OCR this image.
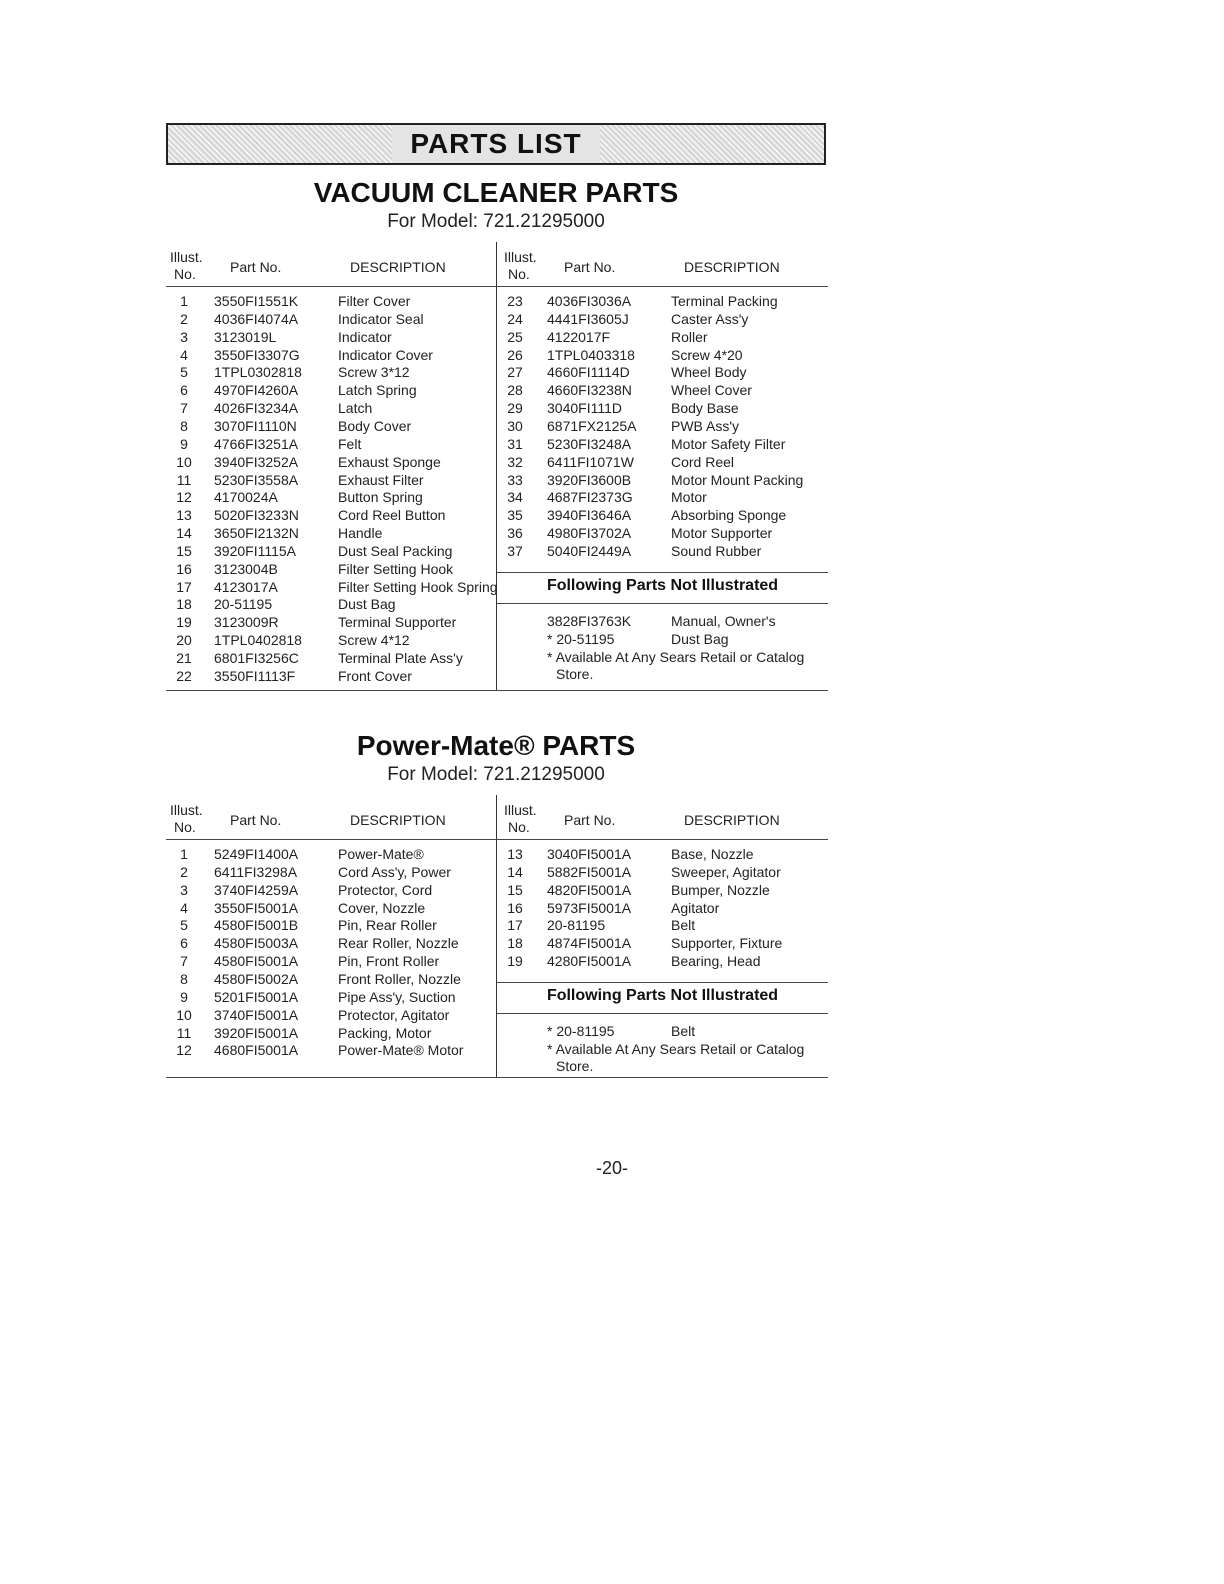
PARTS LIST
VACUUM CLEANER PARTS
For Model: 721.21295000
Illust.
No. Part No.	DESCRIPTION
Illust.
No. Part No.	DESCRIPTION
1	3550FI1551K	Filter Cover
2	4036FI4074A	Indicator Seal
3	3123019L	Indicator
4	3550FI3307G	Indicator Cover
5	1TPL0302818	Screw 3*12
6	4970FI4260A	Latch Spring
7	4026FI3234A	Latch
8	3070FI1110N	Body Cover
9	4766FI3251A	Felt
10	3940FI3252A	Exhaust Sponge
11	5230FI3558A	Exhaust Filter
12	4170024A	Button Spring
13	5020FI3233N	Cord Reel Button
14	3650FI2132N	Handle
15	3920FI1115A	Dust Seal Packing
16	3123004B	Filter Setting Hook
17	4123017A	Filter Setting Hook Spring
18	20-51195	Dust Bag
19	3123009R	Terminal Supporter
20	1TPL0402818	Screw 4*12
21	6801FI3256C	Terminal Plate Ass'y
22	3550FI1113F	Front Cover
23	4036FI3036A	Terminal Packing
24	4441FI3605J	Caster Ass'y
25	4122017F	Roller
26	1TPL0403318	Screw 4*20
27	4660FI1114D	Wheel Body
28	4660FI3238N	Wheel Cover
29	3040FI111D	Body Base
30	6871FX2125A PWB Ass'y
31	5230FI3248A	Motor Safety Filter
32	6411FI1071W	Cord Reel
33	3920FI3600B	Motor Mount Packing
34	4687FI2373G	Motor
35	3940FI3646A	Absorbing Sponge
36	4980FI3702A	Motor Supporter
37	5040FI2449A	Sound Rubber
Following Parts Not Illustrated
3828FI3763K	Manual, Owner's
* 20-51195	Dust Bag
* Available At Any Sears Retail or Catalog
Store.
Power-Mate® PARTS
For Model: 721.21295000
Illust.
No. Part No.	DESCRIPTION
Illust.
No. Part No.	DESCRIPTION
1	5249FI1400A	Power-Mate®
2	6411FI3298A	Cord Ass'y, Power
3	3740FI4259A	Protector, Cord
4	3550FI5001A	Cover, Nozzle
5	4580FI5001B	Pin, Rear Roller
6	4580FI5003A	Rear Roller, Nozzle
7	4580FI5001A	Pin, Front Roller
8	4580FI5002A	Front Roller, Nozzle
9	5201FI5001A	Pipe Ass'y, Suction
10	3740FI5001A	Protector, Agitator
11	3920FI5001A	Packing, Motor
12	4680FI5001A	Power-Mate® Motor
13	3040FI5001A	Base, Nozzle
14	5882FI5001A	Sweeper, Agitator
15	4820FI5001A	Bumper, Nozzle
16	5973FI5001A	Agitator
17	20-81195	Belt
18	4874FI5001A	Supporter, Fixture
19	4280FI5001A	Bearing, Head
Following Parts Not Illustrated
* 20-81195	Belt
* Available At Any Sears Retail or Catalog
Store.
-20-
